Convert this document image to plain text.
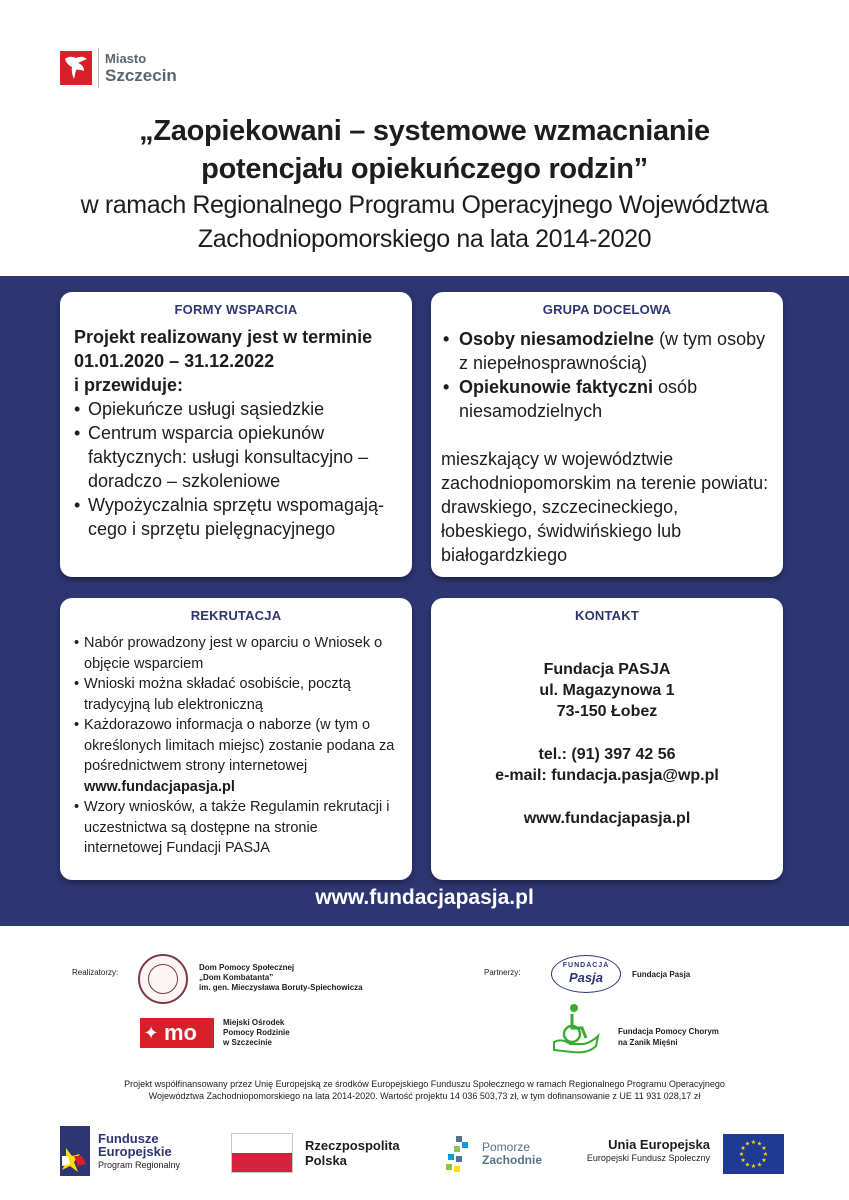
Miasto
Szczecin
„Zaopiekowani – systemowe wzmacnianie
potencjału opiekuńczego rodzin”
w ramach Regionalnego Programu Operacyjnego Województwa
Zachodniopomorskiego na lata 2014-2020
FORMY WSPARCIA
Projekt realizowany jest w terminie
01.01.2020 – 31.12.2022
i przewiduje:
• Opiekuńcze usługi sąsiedzkie
• Centrum wsparcia opiekunów faktycznych: usługi konsultacyjno – doradczo – szkoleniowe
• Wypożyczalnia sprzętu wspomagają-cego i sprzętu pielęgnacyjnego
GRUPA DOCELOWA
• Osoby niesamodzielne (w tym osoby z niepełnosprawnością)
• Opiekunowie faktyczni osób niesamodzielnych
mieszkający w województwie zachodniopomorskim na terenie powiatu: drawskiego, szczecineckiego, łobeskiego, świdwińskiego lub białogardzkiego
REKRUTACJA
• Nabór prowadzony jest w oparciu o Wniosek o objęcie wsparciem
• Wnioski można składać osobiście, pocztą tradycyjną lub elektroniczną
• Każdorazowo informacja o naborze (w tym o określonych limitach miejsc) zostanie podana za pośrednictwem strony internetowej www.fundacjapasja.pl
• Wzory wniosków, a także Regulamin rekrutacji i uczestnictwa są dostępne na stronie internetowej Fundacji PASJA
KONTAKT
Fundacja PASJA
ul. Magazynowa 1
73-150 Łobez
tel.: (91) 397 42 56
e-mail: fundacja.pasja@wp.pl
www.fundacjapasja.pl
www.fundacjapasja.pl
Realizatorzy:	Partnerzy:
Dom Pomocy Społecznej
„Dom Kombatanta”
im. gen. Mieczysława Boruty-Spiechowicza
✦ mo	Miejski Ośrodek
Pomocy Rodzinie
w Szczecinie
FUNDACJA
Pasja	Fundacja Pasja
Fundacja Pomocy Chorym
na Zanik Mięśni
Projekt współfinansowany przez Unię Europejską ze środków Europejskiego Funduszu Społecznego w ramach Regionalnego Programu Operacyjnego
Województwa Zachodniopomorskiego na lata 2014-2020. Wartość projektu 14 036 503,73 zł, w tym dofinansowanie z UE 11 931 028,17 zł
Fundusze
Europejskie
Program Regionalny
Rzeczpospolita
Polska
Pomorze
Zachodnie
Unia Europejska
Europejski Fundusz Społeczny
★ ★
★
★
★
★
★
★
★
★
★
★
